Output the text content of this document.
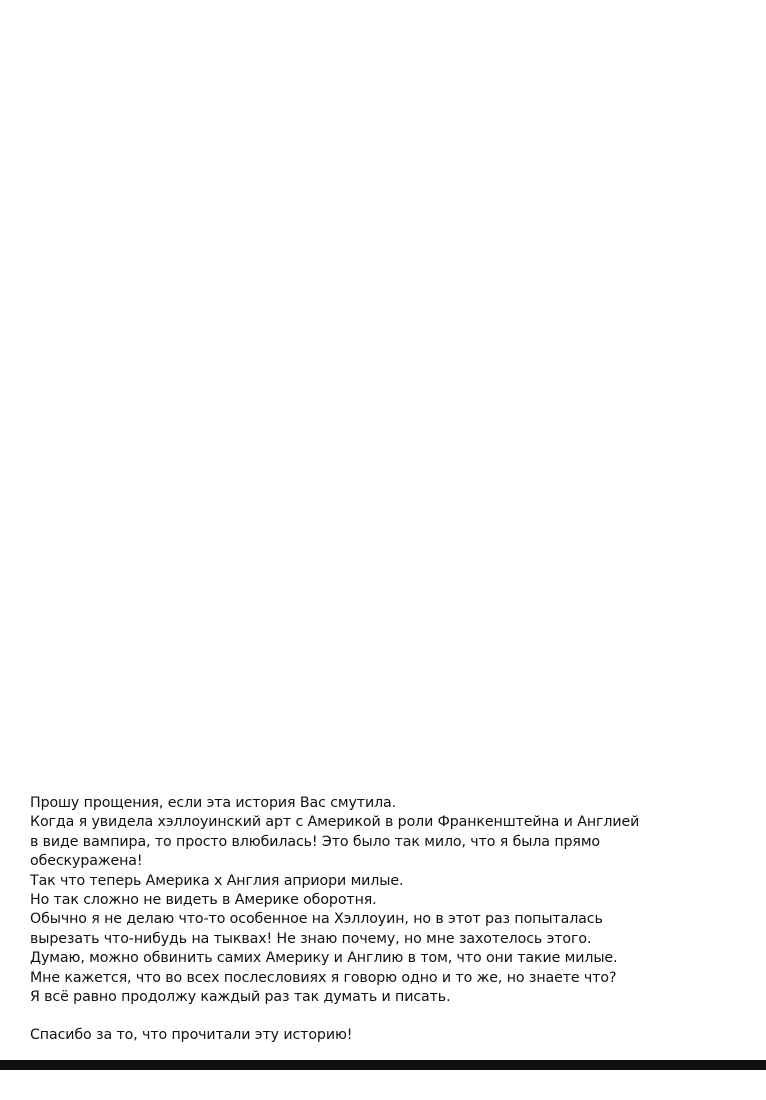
Прошу прощения, если эта история Вас смутила.
Когда я увидела хэллоуинский арт с Америкой в роли Франкенштейна и Англией
в виде вампира, то просто влюбилась! Это было так мило, что я была прямо
обескуражена!
Так что теперь Америка х Англия априори милые.
Но так сложно не видеть в Америке оборотня.
Обычно я не делаю что-то особенное на Хэллоуин, но в этот раз попыталась
вырезать что-нибудь на тыквах! Не знаю почему, но мне захотелось этого.
Думаю, можно обвинить самих Америку и Англию в том, что они такие милые.
Мне кажется, что во всех послесловиях я говорю одно и то же, но знаете что?
Я всё равно продолжу каждый раз так думать и писать.
Спасибо за то, что прочитали эту историю!
